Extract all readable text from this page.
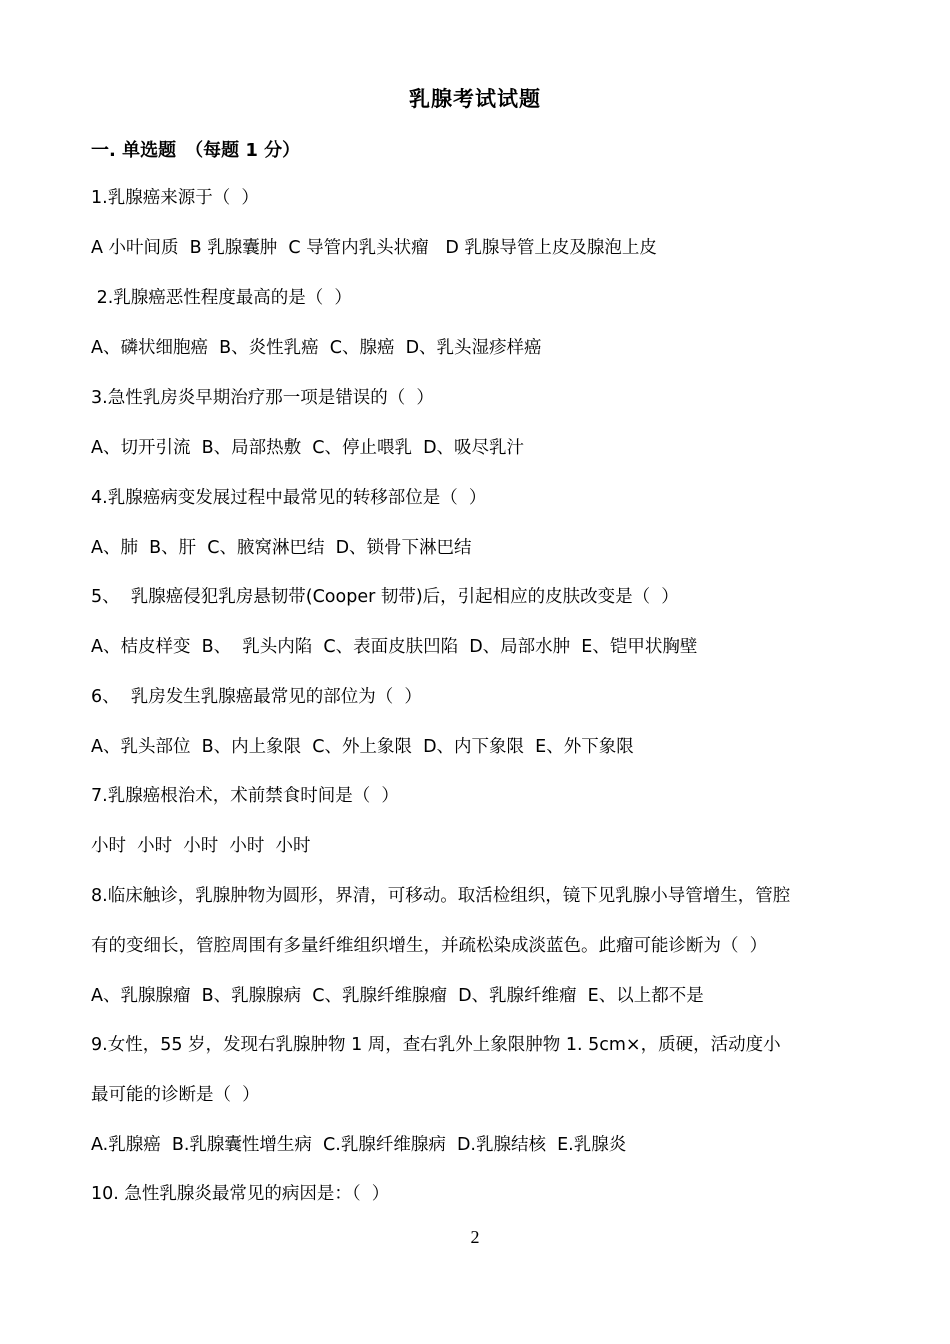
乳腺考试试题
一. 单选题　（每题 1 分）
1.乳腺癌来源于（  ）
A 小叶间质  B 乳腺囊肿  C 导管内乳头状瘤   D 乳腺导管上皮及腺泡上皮
2.乳腺癌恶性程度最高的是（  ）
A、磷状细胞癌  B、炎性乳癌  C、腺癌  D、乳头湿疹样癌
3.急性乳房炎早期治疗那一项是错误的（  ）
A、切开引流  B、局部热敷  C、停止喂乳  D、吸尽乳汁
4.乳腺癌病变发展过程中最常见的转移部位是（  ）
A、肺  B、肝  C、腋窝淋巴结  D、锁骨下淋巴结
5、  乳腺癌侵犯乳房悬韧带(Cooper 韧带)后，引起相应的皮肤改变是（  ）
A、桔皮样变  B、  乳头内陷  C、表面皮肤凹陷  D、局部水肿  E、铠甲状胸壁
6、  乳房发生乳腺癌最常见的部位为（  ）
A、乳头部位  B、内上象限  C、外上象限  D、内下象限  E、外下象限
7.乳腺癌根治术，术前禁食时间是（  ）
小时  小时  小时  小时  小时
8.临床触诊，乳腺肿物为圆形，界清，可移动。取活检组织，镜下见乳腺小导管增生，管腔
有的变细长，管腔周围有多量纤维组织增生，并疏松染成淡蓝色。此瘤可能诊断为（  ）
A、乳腺腺瘤  B、乳腺腺病  C、乳腺纤维腺瘤  D、乳腺纤维瘤  E、以上都不是
9.女性，55 岁，发现右乳腺肿物 1 周，查右乳外上象限肿物 1. 5cm×，质硬，活动度小
最可能的诊断是（  ）
A.乳腺癌  B.乳腺囊性增生病  C.乳腺纤维腺病  D.乳腺结核  E.乳腺炎
10. 急性乳腺炎最常见的病因是：（  ）
2
